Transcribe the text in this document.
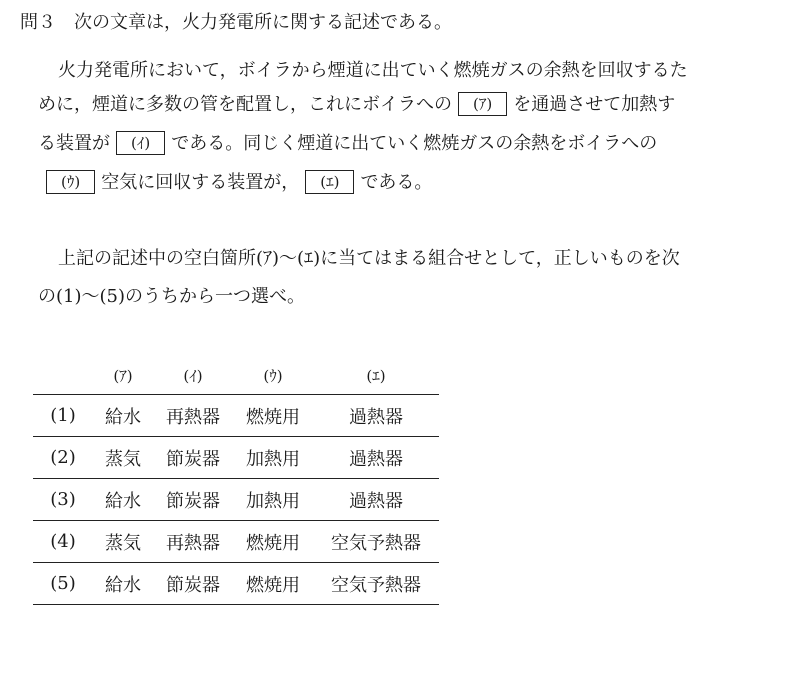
問３　次の文章は，火力発電所に関する記述である。
火力発電所において，ボイラから煙道に出ていく燃焼ガスの余熱を回収するた
めに，煙道に多数の管を配置し，これにボイラへの (ｱ) を通過させて加熱す
る装置が (ｲ) である。同じく煙道に出ていく燃焼ガスの余熱をボイラへの
(ｳ) 空気に回収する装置が， (ｴ) である。
上記の記述中の空白箇所(ｱ)～(ｴ)に当てはまる組合せとして，正しいものを次
の(1)～(5)のうちから一つ選べ。
	(ｱ)	(ｲ)	(ｳ)	(ｴ)
(1)	給水	再熱器	燃焼用	過熱器
(2)	蒸気	節炭器	加熱用	過熱器
(3)	給水	節炭器	加熱用	過熱器
(4)	蒸気	再熱器	燃焼用	空気予熱器
(5)	給水	節炭器	燃焼用	空気予熱器
